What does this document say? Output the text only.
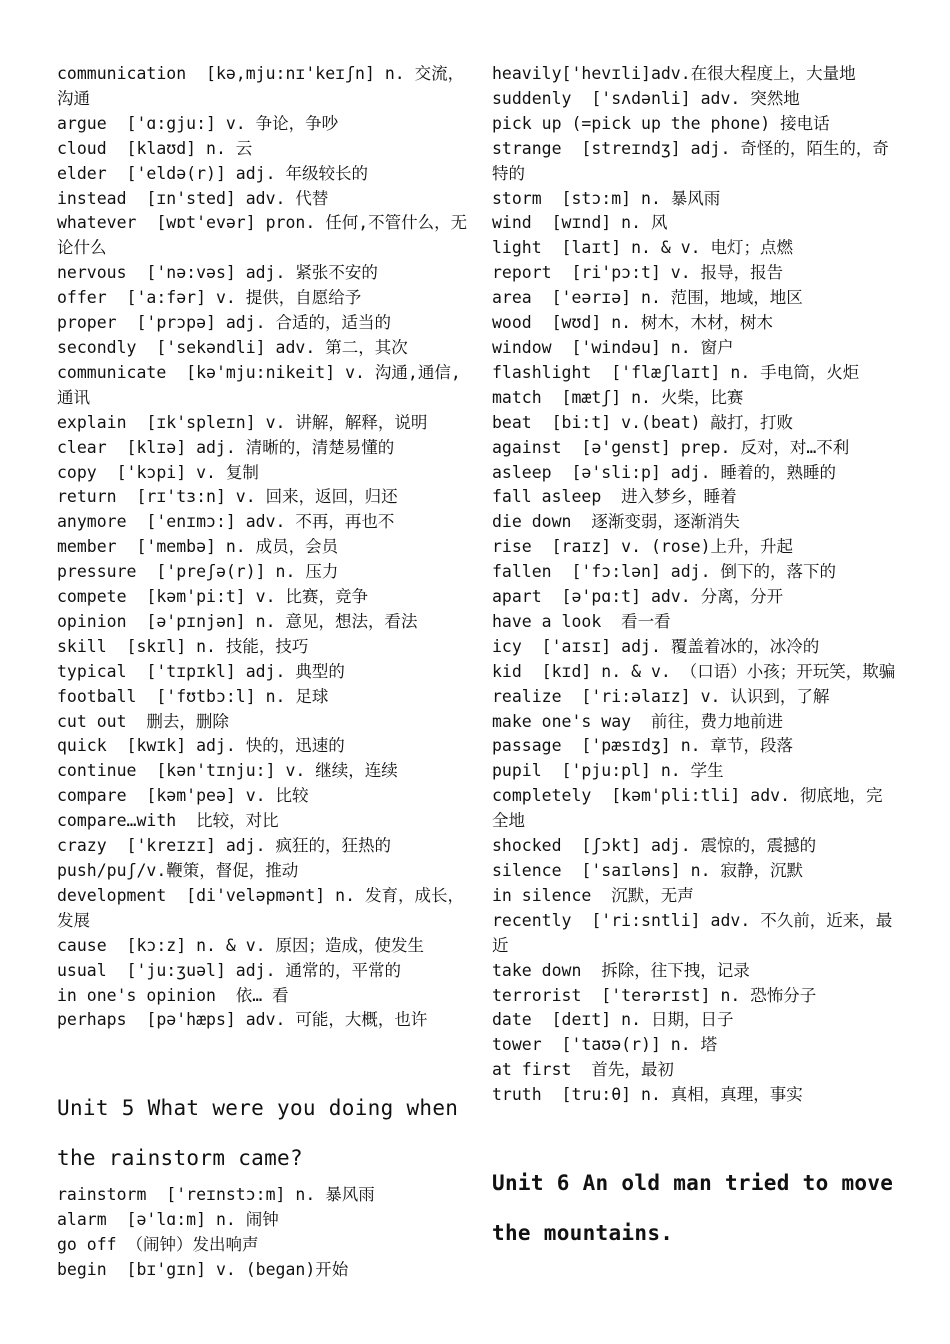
communication  [kə,mju:nɪ'keɪʃn] n. 交流，沟通
argue  ['ɑ:gju:] v. 争论，争吵
cloud  [klaʊd] n. 云
elder  ['eldə(r)] adj. 年级较长的
instead  [ɪn'sted] adv. 代替
whatever  [wɒt'evər] pron. 任何,不管什么，无论什么
nervous  ['nə:vəs] adj. 紧张不安的
offer  ['a:fər] v. 提供，自愿给予
proper  ['prɔpə] adj. 合适的，适当的
secondly  ['sekəndli] adv. 第二，其次
communicate  [kə'mju:nikeit] v. 沟通,通信,通讯
explain  [ɪk'spleɪn] v. 讲解，解释，说明
clear  [klɪə] adj. 清晰的，清楚易懂的
copy  ['kɔpi] v. 复制
return  [rɪ'tɜ:n] v. 回来，返回，归还
anymore  ['enɪmɔ:] adv. 不再，再也不
member  ['membə] n. 成员，会员
pressure  ['preʃə(r)] n. 压力
compete  [kəm'pi:t] v. 比赛，竞争
opinion  [ə'pɪnjən] n. 意见，想法，看法
skill  [skɪl] n. 技能，技巧
typical  ['tɪpɪkl] adj. 典型的
football  ['fʊtbɔ:l] n. 足球
cut out  删去，删除
quick  [kwɪk] adj. 快的，迅速的
continue  [kən'tɪnju:] v. 继续，连续
compare  [kəm'peə] v. 比较
compare…with  比较，对比
crazy  ['kreɪzɪ] adj. 疯狂的，狂热的
push/puʃ/v.鞭策，督促，推动
development  [di'veləpmənt] n. 发育，成长，发展
cause  [kɔ:z] n. & v. 原因；造成，使发生
usual  ['ju:ʒuəl] adj. 通常的，平常的
in one's opinion  依… 看
perhaps  [pə'hæps] adv. 可能，大概，也许
Unit 5 What were you doing when
the rainstorm came?
rainstorm  ['reɪnstɔ:m] n. 暴风雨
alarm  [ə'lɑ:m] n. 闹钟
go off （闹钟）发出响声
begin  [bɪ'gɪn] v. (began)开始
heavily['hevɪli]adv.在很大程度上，大量地
suddenly  ['sʌdənli] adv. 突然地
pick up (=pick up the phone) 接电话
strange  [streɪndʒ] adj. 奇怪的，陌生的，奇特的
storm  [stɔ:m] n. 暴风雨
wind  [wɪnd] n. 风
light  [laɪt] n. & v. 电灯；点燃
report  [ri'pɔ:t] v. 报导，报告
area  ['eərɪə] n. 范围，地域，地区
wood  [wʊd] n. 树木，木材，树木
window  ['windəu] n. 窗户
flashlight  ['flæʃlaɪt] n. 手电筒，火炬
match  [mætʃ] n. 火柴，比赛
beat  [bi:t] v.(beat) 敲打，打败
against  [ə'genst] prep. 反对，对…不利
asleep  [ə'sli:p] adj. 睡着的，熟睡的
fall asleep  进入梦乡，睡着
die down  逐渐变弱，逐渐消失
rise  [raɪz] v. (rose)上升，升起
fallen  ['fɔ:lən] adj. 倒下的，落下的
apart  [ə'pɑ:t] adv. 分离，分开
have a look  看一看
icy  ['aɪsɪ] adj. 覆盖着冰的，冰冷的
kid  [kɪd] n. & v. （口语）小孩；开玩笑，欺骗
realize  ['ri:əlaɪz] v. 认识到，了解
make one's way  前往，费力地前进
passage  ['pæsɪdʒ] n. 章节，段落
pupil  ['pju:pl] n. 学生
completely  [kəm'pli:tli] adv. 彻底地，完全地
shocked  [ʃɔkt] adj. 震惊的，震撼的
silence  ['saɪləns] n. 寂静，沉默
in silence  沉默，无声
recently  ['ri:sntli] adv. 不久前，近来，最近
take down  拆除，往下拽，记录
terrorist  ['terərɪst] n. 恐怖分子
date  [deɪt] n. 日期，日子
tower  ['taʊə(r)] n. 塔
at first  首先，最初
truth  [tru:θ] n. 真相，真理，事实
Unit 6 An old man tried to move
the mountains.
